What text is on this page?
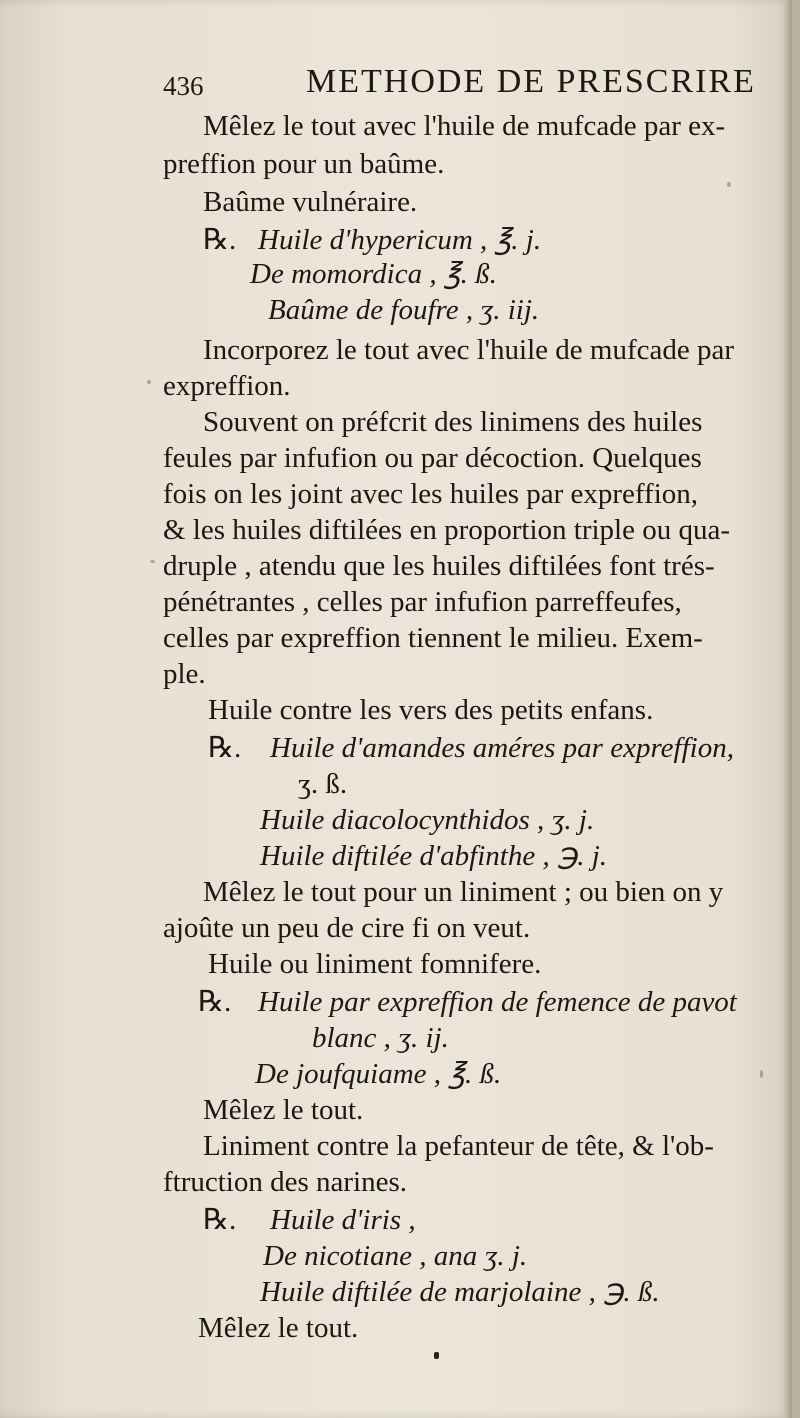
436	METHODE DE PRESCRIRE
Mêlez le tout avec l'huile de mufcade par ex-
preffion pour un baûme.
Baûme vulnéraire.
℞. Huile d'hypericum , ℥. j.
De momordica , ℥. ß.
Baûme de foufre , ʒ. iij.
Incorporez le tout avec l'huile de mufcade par
expreffion.
Souvent on préfcrit des linimens des huiles
feules par infufion ou par décoction. Quelques
fois on les joint avec les huiles par expreffion,
& les huiles diftilées en proportion triple ou qua-
druple , atendu que les huiles diftilées font trés-
pénétrantes , celles par infufion parreffeufes,
celles par expreffion tiennent le milieu. Exem-
ple.
Huile contre les vers des petits enfans.
℞. Huile d'amandes améres par expreffion,
ʒ. ß.
Huile diacolocynthidos , ʒ. j.
Huile diftilée d'abfinthe , ℈. j.
Mêlez le tout pour un liniment ; ou bien on y
ajoûte un peu de cire fi on veut.
Huile ou liniment fomnifere.
℞. Huile par expreffion de femence de pavot
blanc , ʒ. ij.
De joufquiame , ℥. ß.
Mêlez le tout.
Liniment contre la pefanteur de tête, & l'ob-
ftruction des narines.
℞. Huile d'iris ,
De nicotiane , ana ʒ. j.
Huile diftilée de marjolaine , ℈. ß.
Mêlez le tout.
